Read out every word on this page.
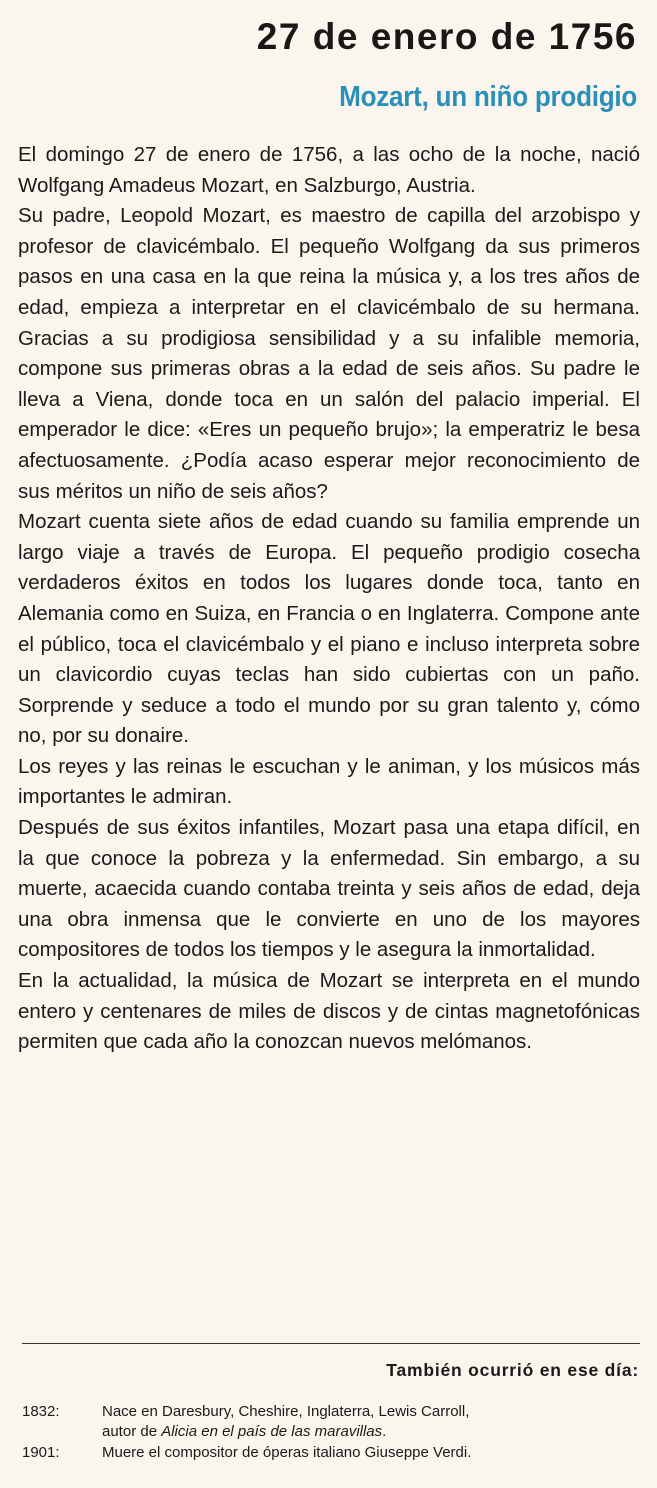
27 de enero de 1756
Mozart, un niño prodigio

El domingo 27 de enero de 1756, a las ocho de la noche, nació Wolfgang Amadeus Mozart, en Salzburgo, Austria.

Su padre, Leopold Mozart, es maestro de capilla del arzobispo y profesor de clavicémbalo. El pequeño Wolfgang da sus primeros pasos en una casa en la que reina la música y, a los tres años de edad, empieza a interpretar en el clavicémbalo de su hermana. Gracias a su prodigiosa sensibilidad y a su infalible memoria, compone sus primeras obras a la edad de seis años. Su padre le lleva a Viena, donde toca en un salón del palacio imperial. El emperador le dice: «Eres un pequeño brujo»; la emperatriz le besa afectuosamente. ¿Podía acaso esperar mejor reconocimiento de sus méritos un niño de seis años?

Mozart cuenta siete años de edad cuando su familia emprende un largo viaje a través de Europa. El pequeño prodigio cosecha verdaderos éxitos en todos los lugares donde toca, tanto en Alemania como en Suiza, en Francia o en Inglaterra. Compone ante el público, toca el clavicémbalo y el piano e incluso interpreta sobre un clavicordio cuyas teclas han sido cubiertas con un paño. Sorprende y seduce a todo el mundo por su gran talento y, cómo no, por su donaire.

Los reyes y las reinas le escuchan y le animan, y los músicos más importantes le admiran.

Después de sus éxitos infantiles, Mozart pasa una etapa difícil, en la que conoce la pobreza y la enfermedad. Sin embargo, a su muerte, acaecida cuando contaba treinta y seis años de edad, deja una obra inmensa que le convierte en uno de los mayores compositores de todos los tiempos y le asegura la inmortalidad.

En la actualidad, la música de Mozart se interpreta en el mundo entero y centenares de miles de discos y de cintas magnetofónicas permiten que cada año la conozcan nuevos melómanos.

También ocurrió en ese día:
1832:	Nace en Daresbury, Cheshire, Inglaterra, Lewis Carroll,
autor de Alicia en el país de las maravillas.
1901:	Muere el compositor de óperas italiano Giuseppe Verdi.
